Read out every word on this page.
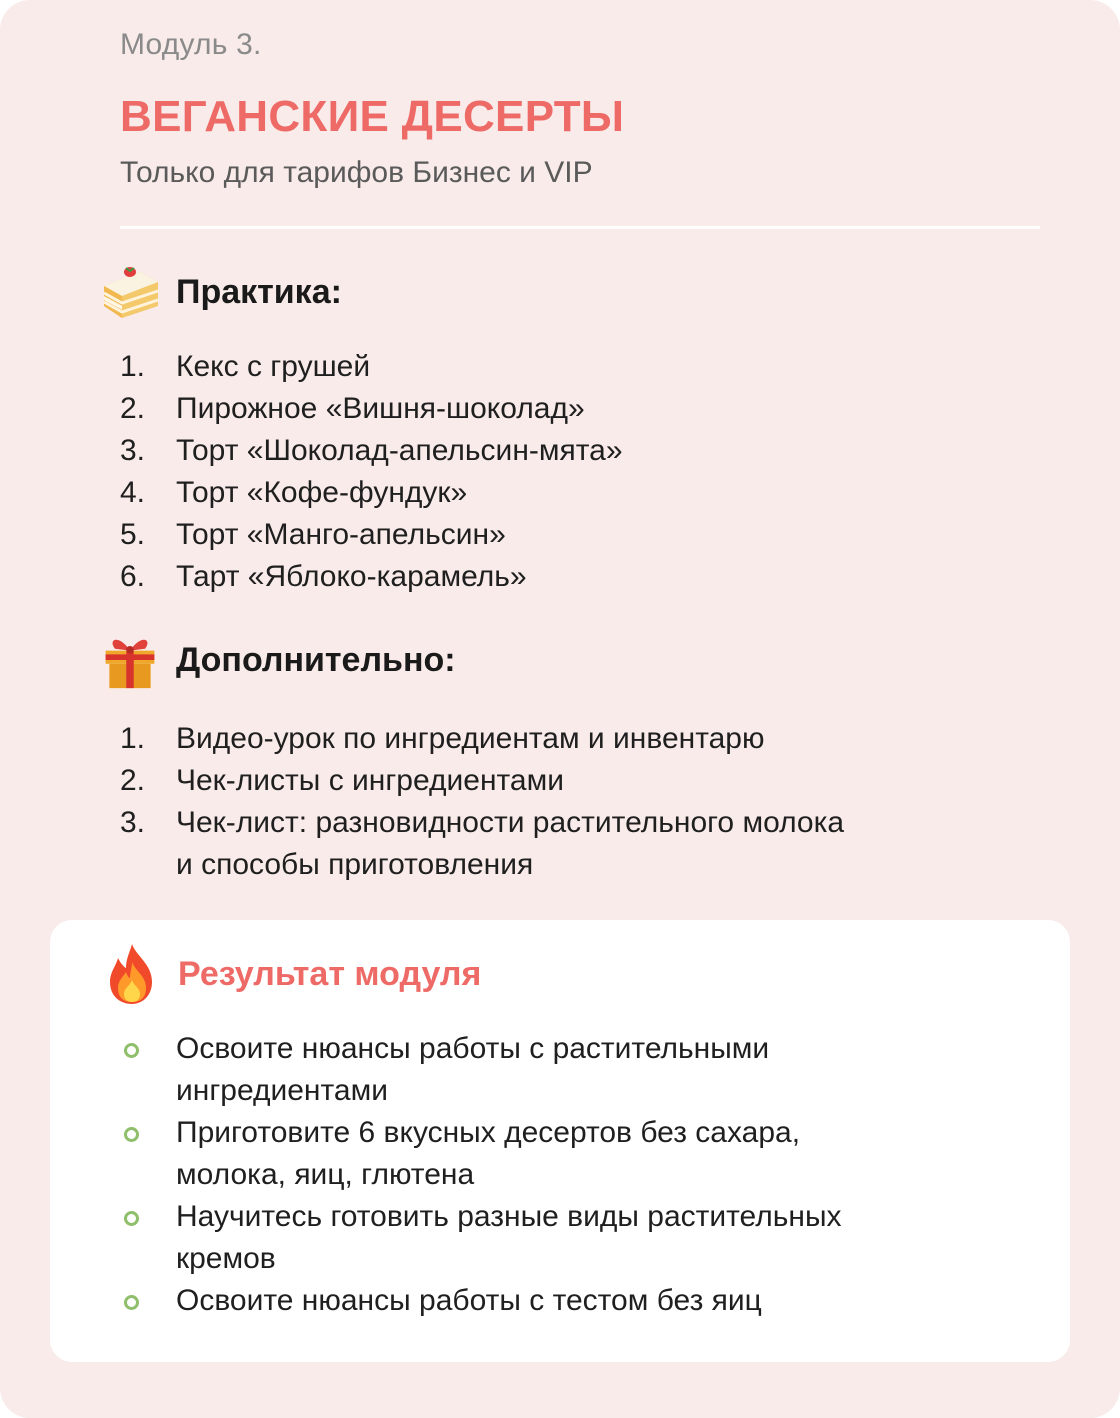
Модуль 3.
ВЕГАНСКИЕ ДЕСЕРТЫ
Только для тарифов Бизнес и VIP
Практика:
1. Кекс с грушей
2. Пирожное «Вишня-шоколад»
3. Торт «Шоколад-апельсин-мята»
4. Торт «Кофе-фундук»
5. Торт «Манго-апельсин»
6. Тарт «Яблоко-карамель»
Дополнительно:
1. Видео-урок по ингредиентам и инвентарю
2. Чек-листы с ингредиентами
3. Чек-лист: разновидности растительного молока
и способы приготовления
Результат модуля
Освоите нюансы работы с растительными
ингредиентами
Приготовите 6 вкусных десертов без сахара,
молока, яиц, глютена
Научитесь готовить разные виды растительных
кремов
Освоите нюансы работы с тестом без яиц
